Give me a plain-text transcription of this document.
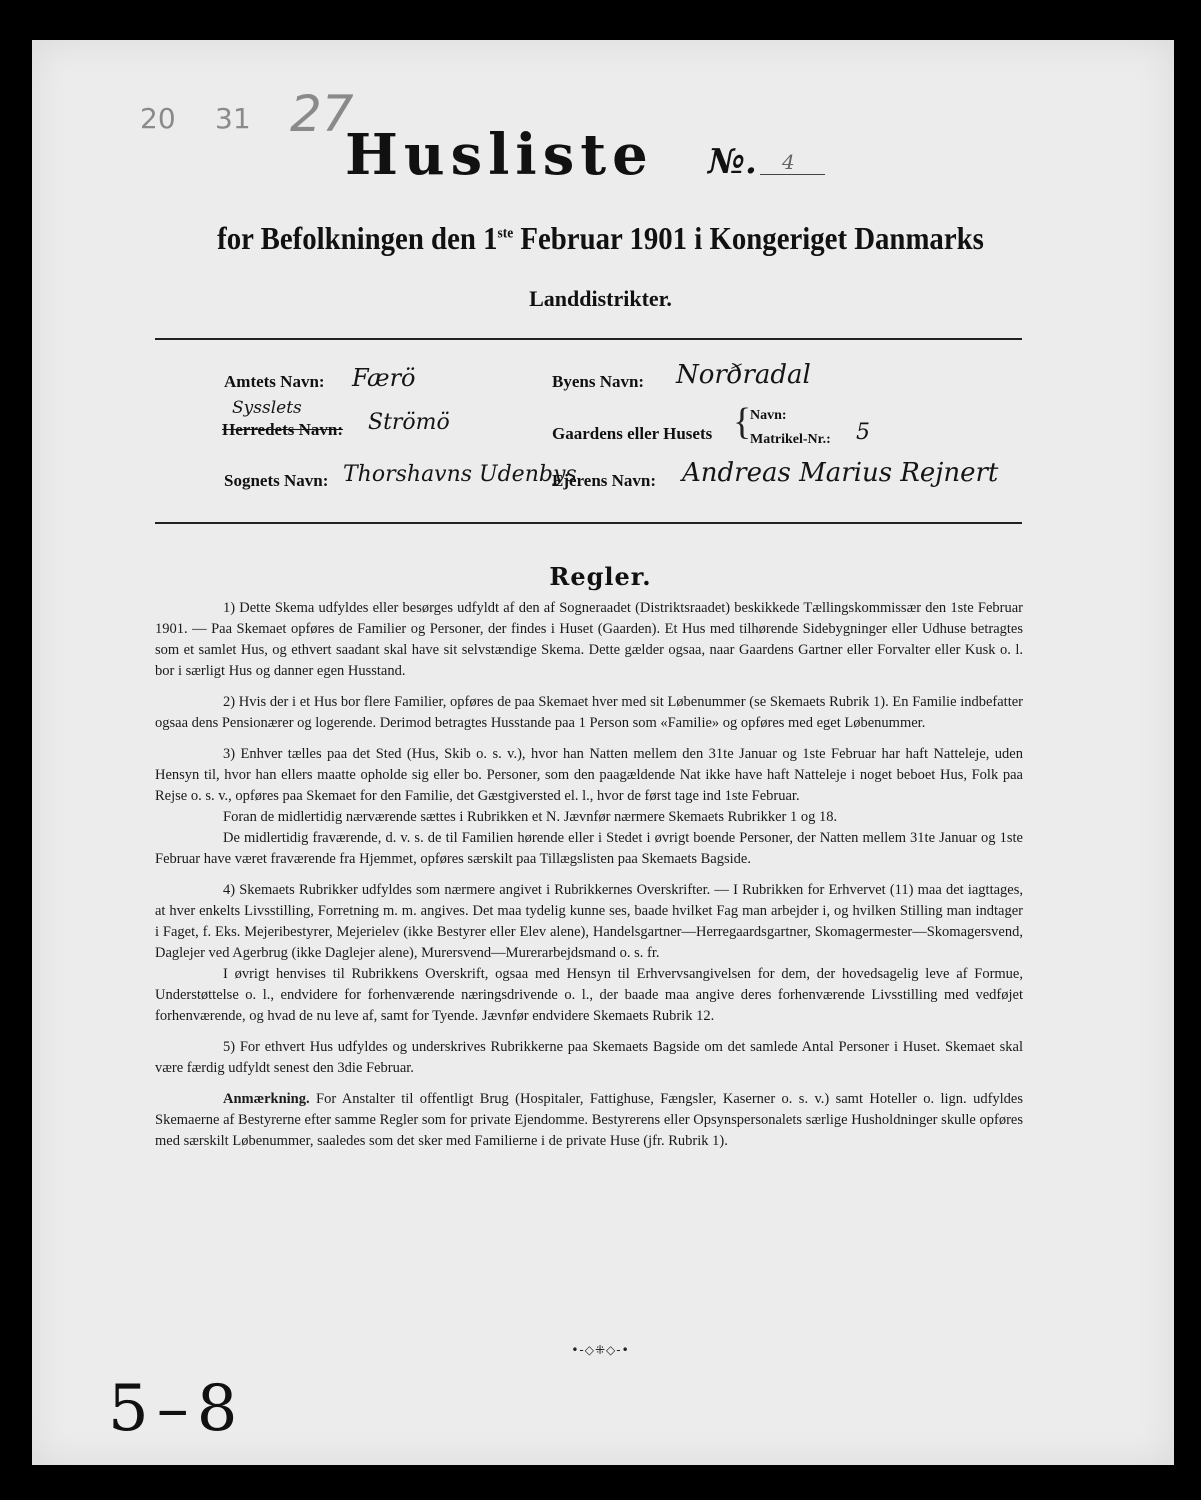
20 31 27
Husliste №. 4
for Befolkningen den 1ste Februar 1901 i Kongeriget Danmarks
Landdistrikter.
Amtets Navn: Færö
Sysslets
Herredets Navn: Strömö
Sognets Navn: Thorshavns Udenbys
Byens Navn: Norðradal
Gaardens eller Husets {
Navn:
Matrikel-Nr.: 5
Ejerens Navn: Andreas Marius Rejnert
Regler.

1) Dette Skema udfyldes eller besørges udfyldt af den af Sogneraadet (Distriktsraadet) beskikkede Tællingskommissær den 1ste Februar 1901. — Paa Skemaet opføres de Familier og Personer, der findes i Huset (Gaarden). Et Hus med tilhørende Sidebygninger eller Udhuse betragtes som et samlet Hus, og ethvert saadant skal have sit selvstændige Skema. Dette gælder ogsaa, naar Gaardens Gartner eller Forvalter eller Kusk o. l. bor i særligt Hus og danner egen Husstand.

2) Hvis der i et Hus bor flere Familier, opføres de paa Skemaet hver med sit Løbenummer (se Skemaets Rubrik 1). En Familie indbefatter ogsaa dens Pensionærer og logerende. Derimod betragtes Husstande paa 1 Person som «Familie» og opføres med eget Løbenummer.

3) Enhver tælles paa det Sted (Hus, Skib o. s. v.), hvor han Natten mellem den 31te Januar og 1ste Februar har haft Natteleje, uden Hensyn til, hvor han ellers maatte opholde sig eller bo. Personer, som den paagældende Nat ikke have haft Natteleje i noget beboet Hus, Folk paa Rejse o. s. v., opføres paa Skemaet for den Familie, det Gæstgiversted el. l., hvor de først tage ind 1ste Februar.

Foran de midlertidig nærværende sættes i Rubrikken et N. Jævnfør nærmere Skemaets Rubrikker 1 og 18.

De midlertidig fraværende, d. v. s. de til Familien hørende eller i Stedet i øvrigt boende Personer, der Natten mellem 31te Januar og 1ste Februar have været fraværende fra Hjemmet, opføres særskilt paa Tillægslisten paa Skemaets Bagside.

4) Skemaets Rubrikker udfyldes som nærmere angivet i Rubrikkernes Overskrifter. — I Rubrikken for Erhvervet (11) maa det iagttages, at hver enkelts Livsstilling, Forretning m. m. angives. Det maa tydelig kunne ses, baade hvilket Fag man arbejder i, og hvilken Stilling man indtager i Faget, f. Eks. Mejeribestyrer, Mejerielev (ikke Bestyrer eller Elev alene), Handelsgartner—Herregaardsgartner, Skomagermester—Skomagersvend, Daglejer ved Agerbrug (ikke Daglejer alene), Murersvend—Murerarbejdsmand o. s. fr.

I øvrigt henvises til Rubrikkens Overskrift, ogsaa med Hensyn til Erhvervsangivelsen for dem, der hovedsagelig leve af Formue, Understøttelse o. l., endvidere for forhenværende næringsdrivende o. l., der baade maa angive deres forhenværende Livsstilling med vedføjet forhenværende, og hvad de nu leve af, samt for Tyende. Jævnfør endvidere Skemaets Rubrik 12.

5) For ethvert Hus udfyldes og underskrives Rubrikkerne paa Skemaets Bagside om det samlede Antal Personer i Huset. Skemaet skal være færdig udfyldt senest den 3die Februar.

Anmærkning. For Anstalter til offentligt Brug (Hospitaler, Fattighuse, Fængsler, Kaserner o. s. v.) samt Hoteller o. lign. udfyldes Skemaerne af Bestyrerne efter samme Regler som for private Ejendomme. Bestyrerens eller Opsynspersonalets særlige Husholdninger skulle opføres med særskilt Løbenummer, saaledes som det sker med Familierne i de private Huse (jfr. Rubrik 1).

•-◇⁜◇-•
5–8
